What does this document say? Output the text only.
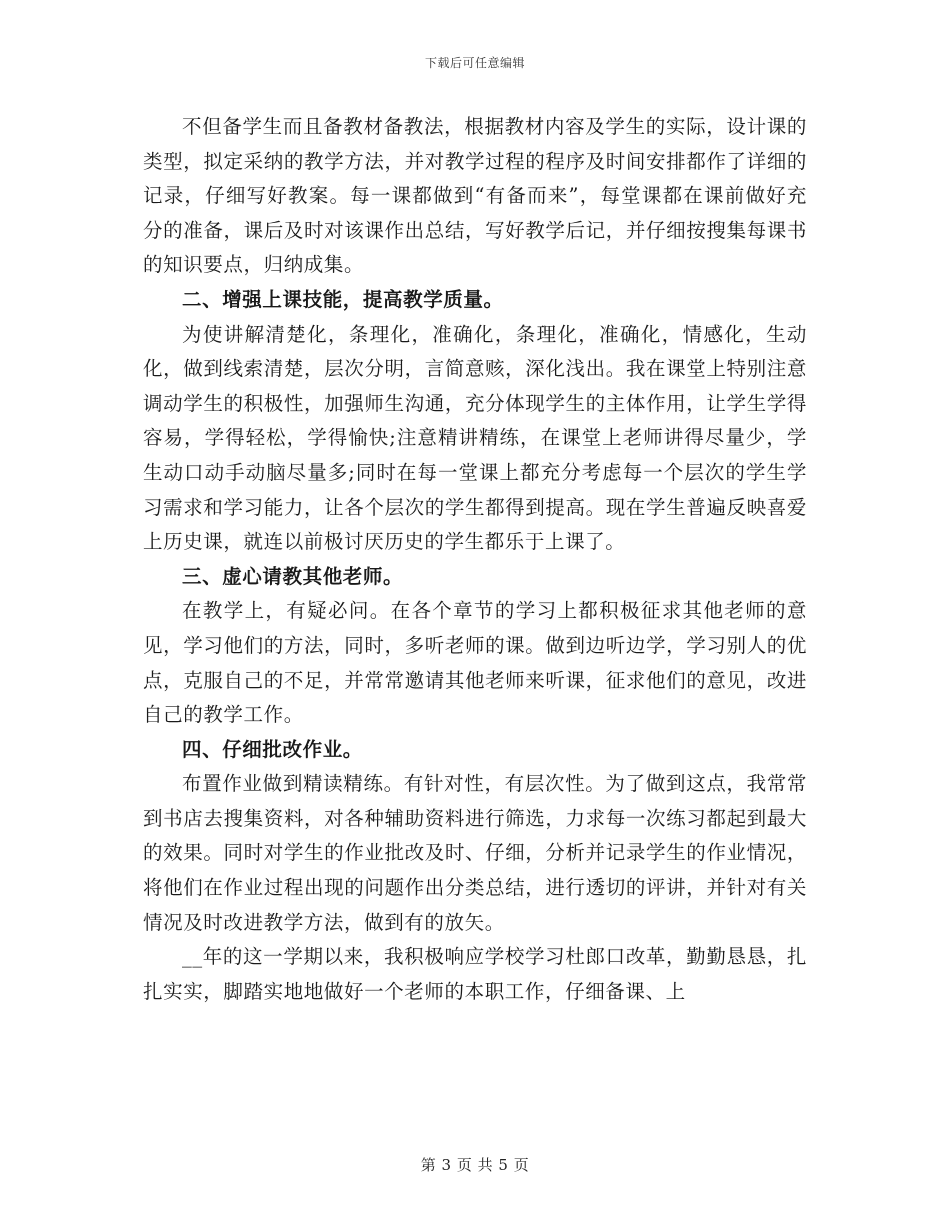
下载后可任意编辑

不但备学生而且备教材备教法，根据教材内容及学生的实际，设计课的类型，拟定采纳的教学方法，并对教学过程的程序及时间安排都作了详细的记录，仔细写好教案。每一课都做到“有备而来”，每堂课都在课前做好充分的准备，课后及时对该课作出总结，写好教学后记，并仔细按搜集每课书的知识要点，归纳成集。

二、增强上课技能，提高教学质量。

为使讲解清楚化，条理化，准确化，条理化，准确化，情感化，生动化，做到线索清楚，层次分明，言简意赅，深化浅出。我在课堂上特别注意调动学生的积极性，加强师生沟通，充分体现学生的主体作用，让学生学得容易，学得轻松，学得愉快;注意精讲精练，在课堂上老师讲得尽量少，学生动口动手动脑尽量多;同时在每一堂课上都充分考虑每一个层次的学生学习需求和学习能力，让各个层次的学生都得到提高。现在学生普遍反映喜爱上历史课，就连以前极讨厌历史的学生都乐于上课了。

三、虚心请教其他老师。

在教学上，有疑必问。在各个章节的学习上都积极征求其他老师的意见，学习他们的方法，同时，多听老师的课。做到边听边学，学习别人的优点，克服自己的不足，并常常邀请其他老师来听课，征求他们的意见，改进自己的教学工作。

四、仔细批改作业。

布置作业做到精读精练。有针对性，有层次性。为了做到这点，我常常到书店去搜集资料，对各种辅助资料进行筛选，力求每一次练习都起到最大的效果。同时对学生的作业批改及时、仔细，分析并记录学生的作业情况，将他们在作业过程出现的问题作出分类总结，进行透切的评讲，并针对有关情况及时改进教学方法，做到有的放矢。

__年的这一学期以来，我积极响应学校学习杜郎口改革，勤勤恳恳，扎扎实实，脚踏实地地做好一个老师的本职工作，仔细备课、上

第 3 页 共 5 页
